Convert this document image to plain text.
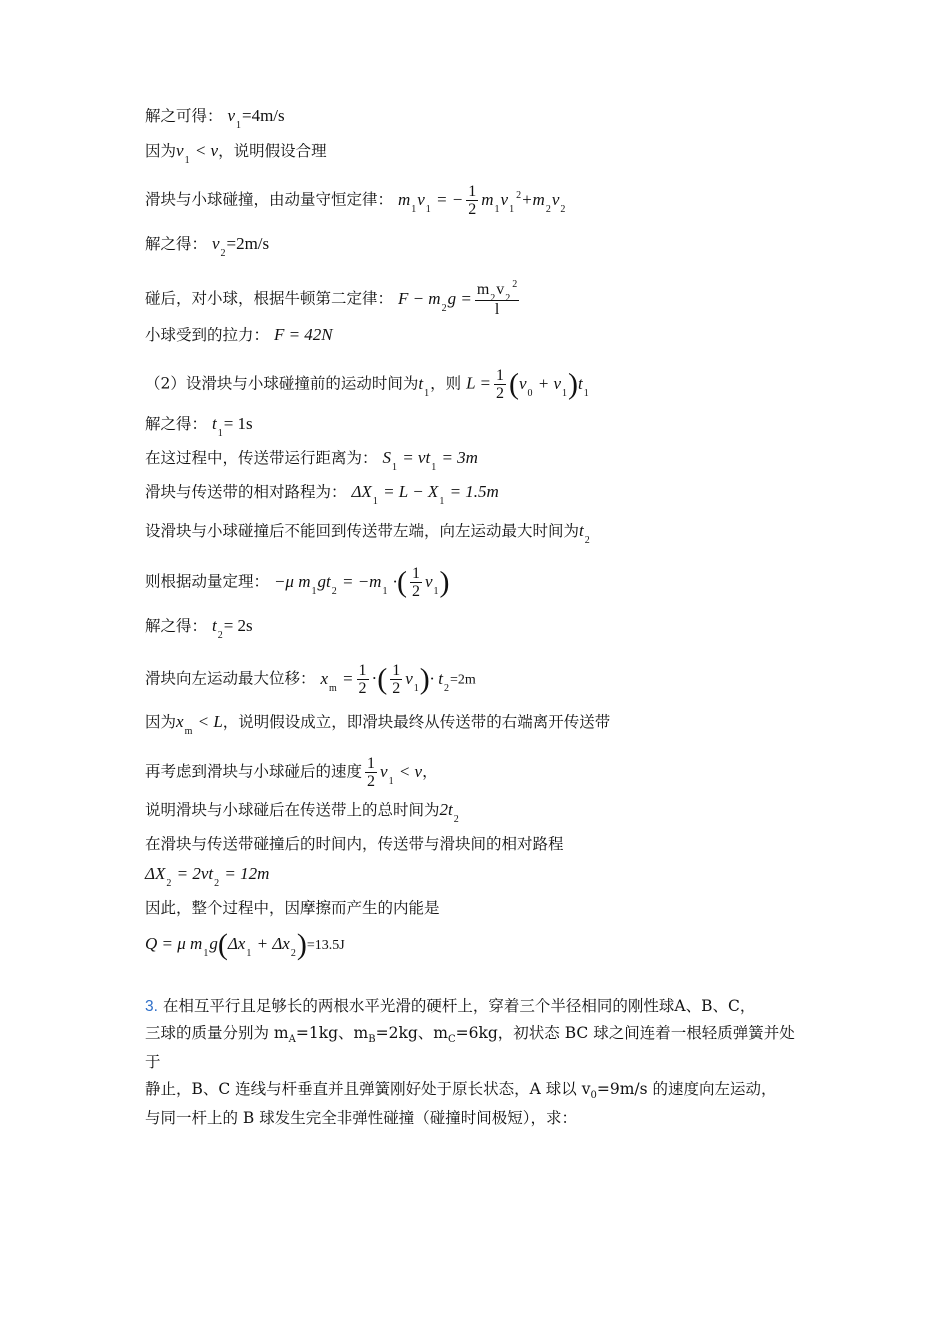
解之可得： $v_1=4m/s$
因为$v_1 < v$，说明假设合理
滑块与小球碰撞，由动量守恒定律： $m_1v_1$ = − $\frac{1}{2} m_1v_1^2+m_2v_2$
解之得： $v_2=2m/s$
碰后，对小球，根据牛顿第二定律： $F - m_2g = \frac{m_2v_2^2}{l}$
小球受到的拉力： F = 42N
（2）设滑块与小球碰撞前的运动时间为$t_1$，则 $L = \frac{1}{2} (v_0 + v_1)t_1$
解之得： $t_1= 1s$
在这过程中，传送带运行距离为： $S_1 = vt_1 = 3m$
滑块与传送带的相对路程为： $\Delta X_1 = L - X_1 = 1.5m$
设滑块与小球碰撞后不能回到传送带左端，向左运动最大时间为$t_2$
则根据动量定理： −μ $m_1gt_2 = -m_1$ ·( $\frac{1}{2} v_1$)
解之得： $t_2= 2s$
滑块向左运动最大位移： $x_m = \frac{1}{2}$ ·( $\frac{1}{2} v_1)\cdot t_2=2m$
因为$x_m < L$，说明假设成立，即滑块最终从传送带的右端离开传送带
再考虑到滑块与小球碰后的速度 $\frac{1}{2} v_1 < v$，
说明滑块与小球碰后在传送带上的总时间为$2t_2$
在滑块与传送带碰撞后的时间内，传送带与滑块间的相对路程
$\Delta X_2 = 2vt_2 = 12m$
因此，整个过程中，因摩擦而产生的内能是
Q = μ $m_1g(\Delta x_1 + \Delta x_2)=13.5J$
3. 在相互平行且足够长的两根水平光滑的硬杆上，穿着三个半径相同的刚性球A、B、C，
三球的质量分别为 $m_A=1kg$、$m_B=2kg$、$m_C=6kg$，初状态 BC 球之间连着一根轻质弹簧并处于
静止，B、C 连线与杆垂直并且弹簧刚好处于原长状态，A 球以 $v_0=9m/s$ 的速度向左运动，
与同一杆上的 B 球发生完全非弹性碰撞（碰撞时间极短），求：
